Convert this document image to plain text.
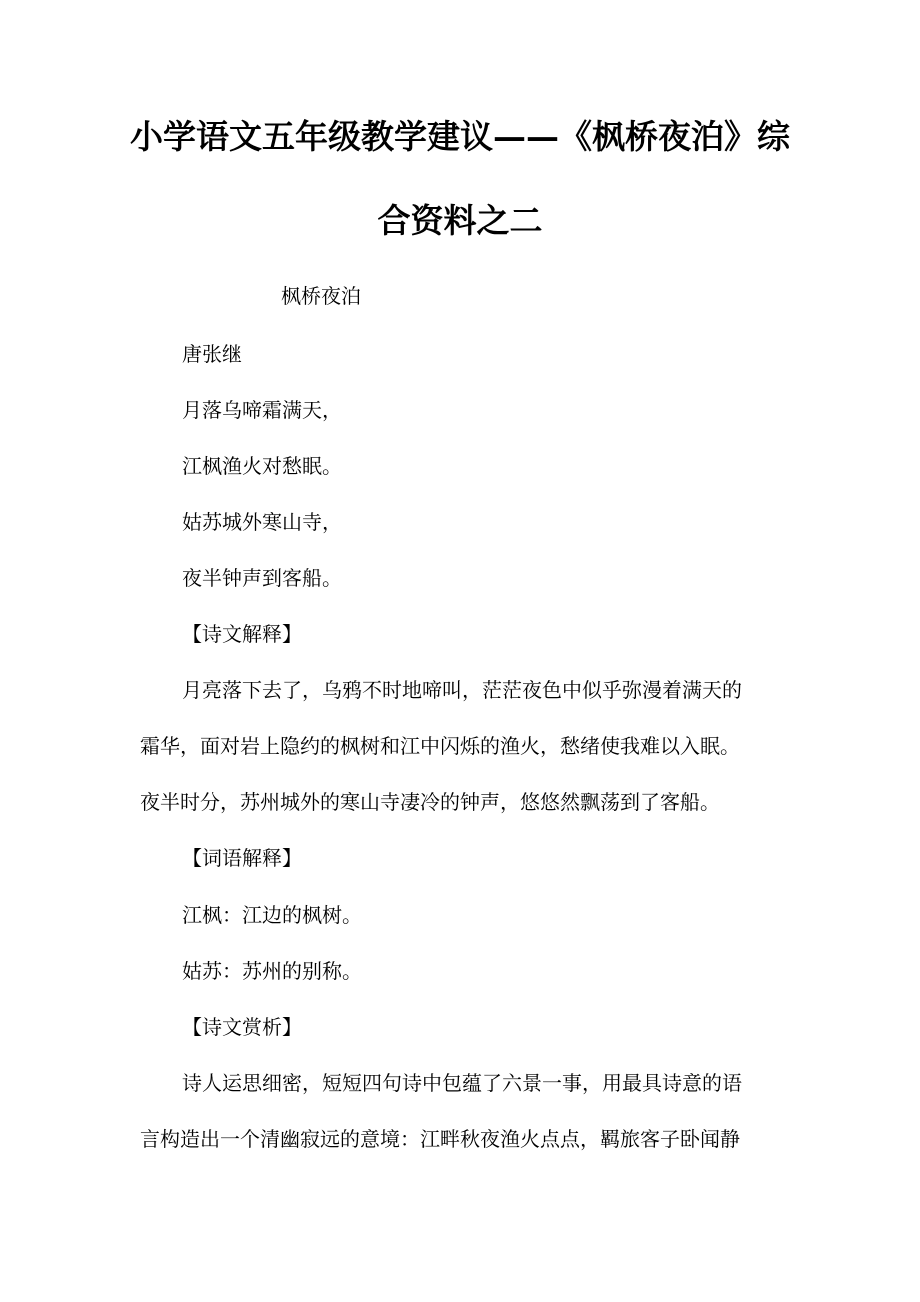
小学语文五年级教学建议——《枫桥夜泊》综
合资料之二
枫桥夜泊
唐张继
月落乌啼霜满天，
江枫渔火对愁眠。
姑苏城外寒山寺，
夜半钟声到客船。
【诗文解释】
月亮落下去了，乌鸦不时地啼叫，茫茫夜色中似乎弥漫着满天的
霜华，面对岩上隐约的枫树和江中闪烁的渔火，愁绪使我难以入眠。
夜半时分，苏州城外的寒山寺凄冷的钟声，悠悠然飘荡到了客船。
【词语解释】
江枫：江边的枫树。
姑苏：苏州的别称。
【诗文赏析】
诗人运思细密，短短四句诗中包蕴了六景一事，用最具诗意的语
言构造出一个清幽寂远的意境：江畔秋夜渔火点点，羁旅客子卧闻静
